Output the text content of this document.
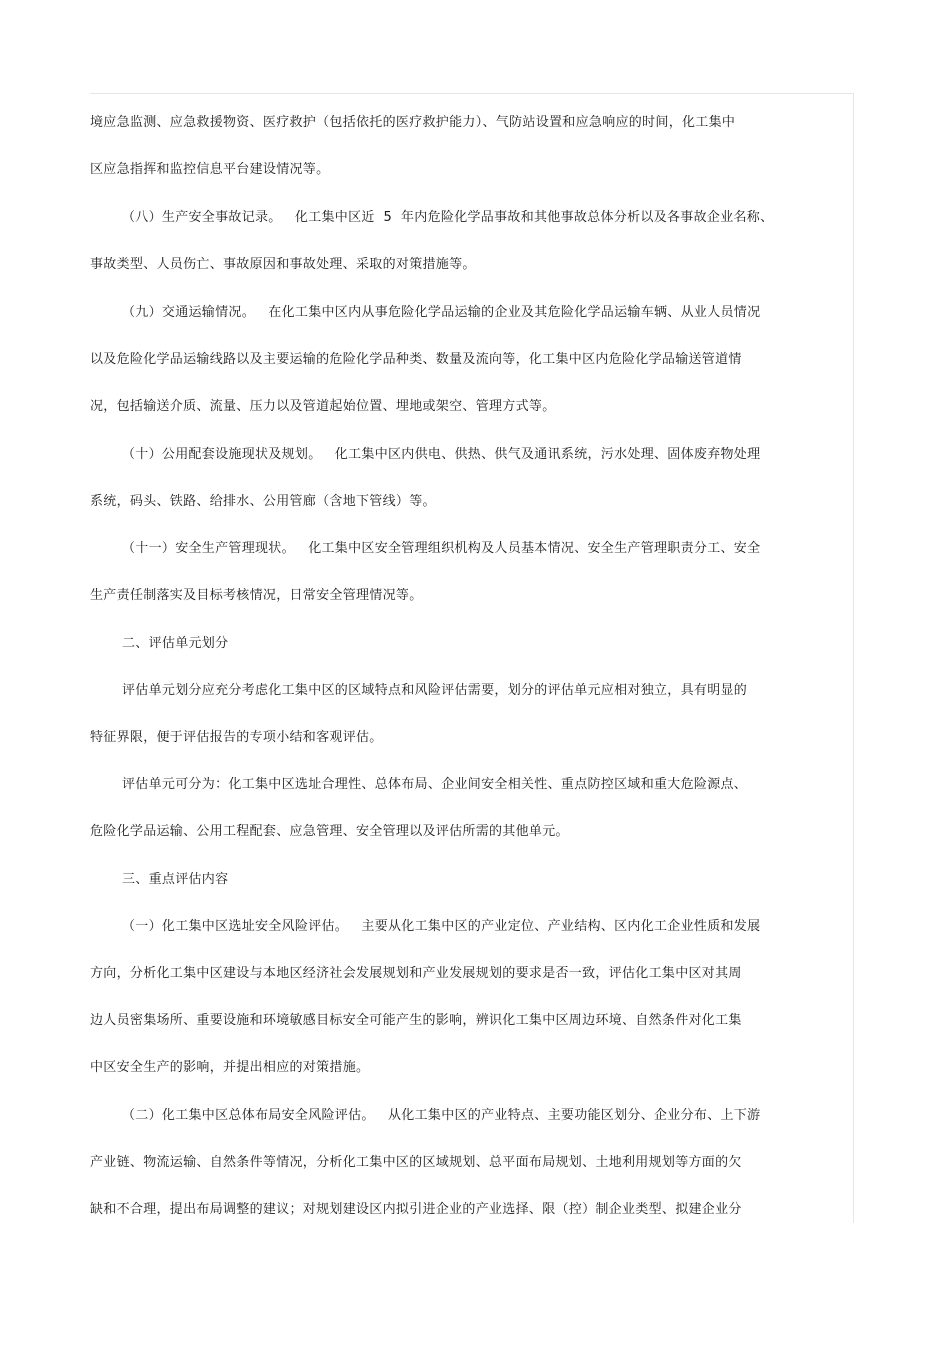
境应急监测、应急救援物资、医疗救护（包括依托的医疗救护能力）、气防站设置和应急响应的时间，化工集中
区应急指挥和监控信息平台建设情况等。
（八）生产安全事故记录。   化工集中区近  5  年内危险化学品事故和其他事故总体分析以及各事故企业名称、
事故类型、人员伤亡、事故原因和事故处理、采取的对策措施等。
（九）交通运输情况。   在化工集中区内从事危险化学品运输的企业及其危险化学品运输车辆、从业人员情况
以及危险化学品运输线路以及主要运输的危险化学品种类、数量及流向等，化工集中区内危险化学品输送管道情
况，包括输送介质、流量、压力以及管道起始位置、埋地或架空、管理方式等。
（十）公用配套设施现状及规划。   化工集中区内供电、供热、供气及通讯系统，污水处理、固体废弃物处理
系统，码头、铁路、给排水、公用管廊（含地下管线）等。
（十一）安全生产管理现状。   化工集中区安全管理组织机构及人员基本情况、安全生产管理职责分工、安全
生产责任制落实及目标考核情况，日常安全管理情况等。
二、评估单元划分
评估单元划分应充分考虑化工集中区的区域特点和风险评估需要，划分的评估单元应相对独立，具有明显的
特征界限，便于评估报告的专项小结和客观评估。
评估单元可分为：化工集中区选址合理性、总体布局、企业间安全相关性、重点防控区域和重大危险源点、
危险化学品运输、公用工程配套、应急管理、安全管理以及评估所需的其他单元。
三、重点评估内容
（一）化工集中区选址安全风险评估。   主要从化工集中区的产业定位、产业结构、区内化工企业性质和发展
方向，分析化工集中区建设与本地区经济社会发展规划和产业发展规划的要求是否一致，评估化工集中区对其周
边人员密集场所、重要设施和环境敏感目标安全可能产生的影响，辨识化工集中区周边环境、自然条件对化工集
中区安全生产的影响，并提出相应的对策措施。
（二）化工集中区总体布局安全风险评估。   从化工集中区的产业特点、主要功能区划分、企业分布、上下游
产业链、物流运输、自然条件等情况，分析化工集中区的区域规划、总平面布局规划、土地利用规划等方面的欠
缺和不合理，提出布局调整的建议；对规划建设区内拟引进企业的产业选择、限（控）制企业类型、拟建企业分
